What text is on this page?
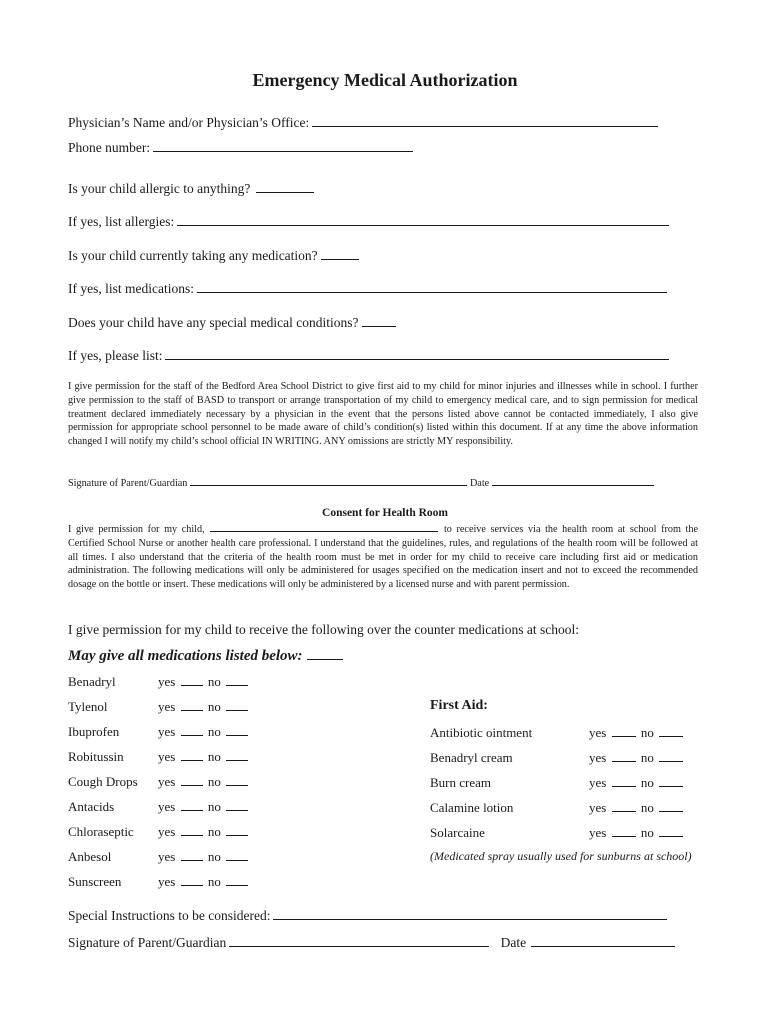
Emergency Medical Authorization
Physician’s Name and/or Physician’s Office:
Phone number:
Is your child allergic to anything?
If yes, list allergies:
Is your child currently taking any medication?
If yes, list medications:
Does your child have any special medical conditions?
If yes, please list:
I give permission for the staff of the Bedford Area School District to give first aid to my child for minor injuries and illnesses while in school. I further give permission to the staff of BASD to transport or arrange transportation of my child to emergency medical care, and to sign permission for medical treatment declared immediately necessary by a physician in the event that the persons listed above cannot be contacted immediately, I also give permission for appropriate school personnel to be made aware of child’s condition(s) listed within this document. If at any time the above information changed I will notify my child’s school official IN WRITING. ANY omissions are strictly MY responsibility.
Signature of Parent/Guardian	Date
Consent for Health Room
I give permission for my child,	to receive services via the health room at school from the Certified School Nurse or another health care professional. I understand that the guidelines, rules, and regulations of the health room will be followed at all times. I also understand that the criteria of the health room must be met in order for my child to receive care including first aid or medication administration. The following medications will only be administered for usages specified on the medication insert and not to exceed the recommended dosage on the bottle or insert. These medications will only be administered by a licensed nurse and with parent permission.
I give permission for my child to receive the following over the counter medications at school:
May give all medications listed below:
Benadryl	yes  no
Tylenol	yes  no
Ibuprofen	yes  no
Robitussin	yes  no
Cough Drops yes  no
Antacids	yes  no
Chloraseptic yes  no
Anbesol	yes  no
Sunscreen	yes  no
First Aid:
Antibiotic ointment	yes  no
Benadryl cream	yes  no
Burn cream	yes  no
Calamine lotion	yes  no
Solarcaine	yes  no
(Medicated spray usually used for sunburns at school)
Special Instructions to be considered:
Signature of Parent/Guardian	Date
